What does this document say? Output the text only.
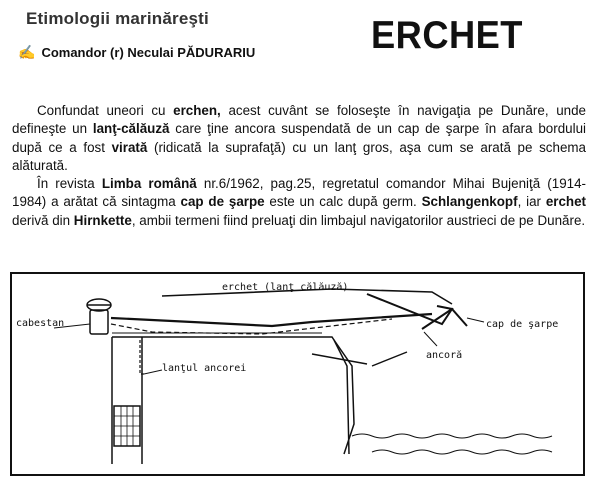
Etimologii marinăreşti
✍ Comandor (r) Neculai PĂDURARIU	ERCHET

Confundat uneori cu erchen, acest cuvânt se foloseşte în navigaţia pe Dunăre, unde defineşte un lanţ-călăuză care ţine ancora suspendată de un cap de şarpe în afara bordului după ce a fost virată (ridicată la suprafaţă) cu un lanţ gros, aşa cum se arată pe schema alăturată.

În revista Limba română nr.6/1962, pag.25, regretatul comandor Mihai Bujeniţă (1914-1984) a arătat că sintagma cap de şarpe este un calc după germ. Schlangenkopf, iar erchet derivă din Hirnkette, ambii termeni fiind preluaţi din limbajul navigatorilor austrieci de pe Dunăre.

erchet (lanţ călăuză)
cabestan
lanţul ancorei
cap de şarpe
ancoră
